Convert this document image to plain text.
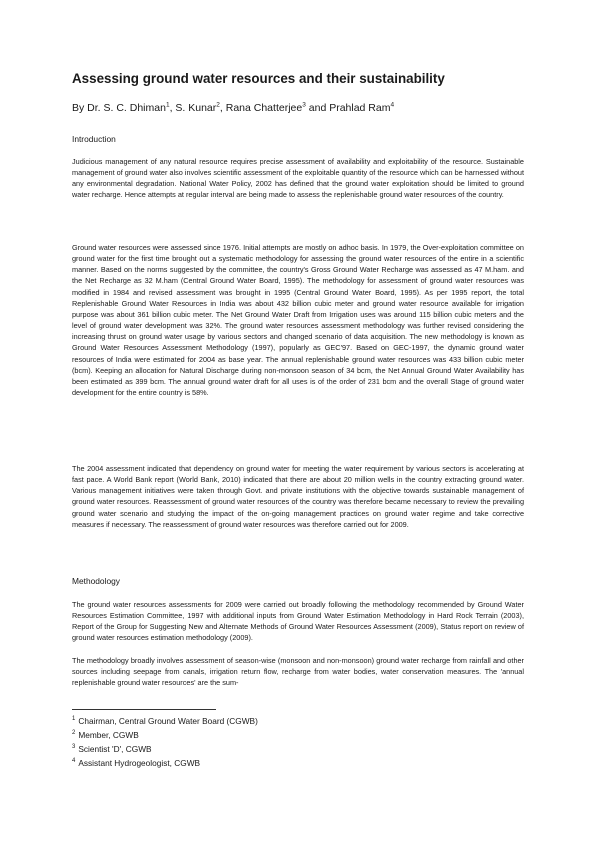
Assessing ground water resources and their sustainability
By Dr. S. C. Dhiman$^1$, S. Kunar$^2$, Rana Chatterjee$^3$ and Prahlad Ram$^4$
Introduction

Judicious management of any natural resource requires precise assessment of availability and exploitability of the resource. Sustainable management of ground water also involves scientific assessment of the exploitable quantity of the resource which can be harnessed without any environmental degradation. National Water Policy, 2002 has defined that the ground water exploitation should be limited to ground water recharge. Hence attempts at regular interval are being made to assess the replenishable ground water resources of the country.

Ground water resources were assessed since 1976. Initial attempts are mostly on adhoc basis. In 1979, the Over-exploitation committee on ground water for the first time brought out a systematic methodology for assessing the ground water resources of the entire in a scientific manner. Based on the norms suggested by the committee, the country's Gross Ground Water Recharge was assessed as 47 M.ham. and the Net Recharge as 32 M.ham (Central Ground Water Board, 1995). The methodology for assessment of ground water resources was modified in 1984 and revised assessment was brought in 1995 (Central Ground Water Board, 1995). As per 1995 report, the total Replenishable Ground Water Resources in India was about 432 billion cubic meter and ground water resource available for irrigation purpose was about 361 billion cubic meter. The Net Ground Water Draft from Irrigation uses was around 115 billion cubic meters and the level of ground water development was 32%. The ground water resources assessment methodology was further revised considering the increasing thrust on ground water usage by various sectors and changed scenario of data acquisition. The new methodology is known as Ground Water Resources Assessment Methodology (1997), popularly as GEC'97. Based on GEC-1997, the dynamic ground water resources of India were estimated for 2004 as base year. The annual replenishable ground water resources was 433 billion cubic meter (bcm). Keeping an allocation for Natural Discharge during non-monsoon season of 34 bcm, the Net Annual Ground Water Availability has been estimated as 399 bcm. The annual ground water draft for all uses is of the order of 231 bcm and the overall Stage of ground water development for the entire country is 58%.

The 2004 assessment indicated that dependency on ground water for meeting the water requirement by various sectors is accelerating at fast pace. A World Bank report (World Bank, 2010) indicated that there are about 20 million wells in the country extracting ground water. Various management initiatives were taken through Govt. and private institutions with the objective towards sustainable management of ground water resources. Reassessment of ground water resources of the country was therefore became necessary to review the prevailing ground water scenario and studying the impact of the on-going management practices on ground water regime and take corrective measures if necessary. The reassessment of ground water resources was therefore carried out for 2009.

Methodology

The ground water resources assessments for 2009 were carried out broadly following the methodology recommended by Ground Water Resources Estimation Committee, 1997 with additional inputs from Ground Water Estimation Methodology in Hard Rock Terrain (2003), Report of the Group for Suggesting New and Alternate Methods of Ground Water Resources Assessment (2009), Status report on review of ground water resources estimation methodology (2009).

The methodology broadly involves assessment of season-wise (monsoon and non-monsoon) ground water recharge from rainfall and other sources including seepage from canals, irrigation return flow, recharge from water bodies, water conservation measures. The 'annual replenishable ground water resources' are the sum-

$^1$ Chairman, Central Ground Water Board (CGWB)
$^2$ Member, CGWB
$^3$ Scientist 'D', CGWB
$^4$ Assistant Hydrogeologist, CGWB
